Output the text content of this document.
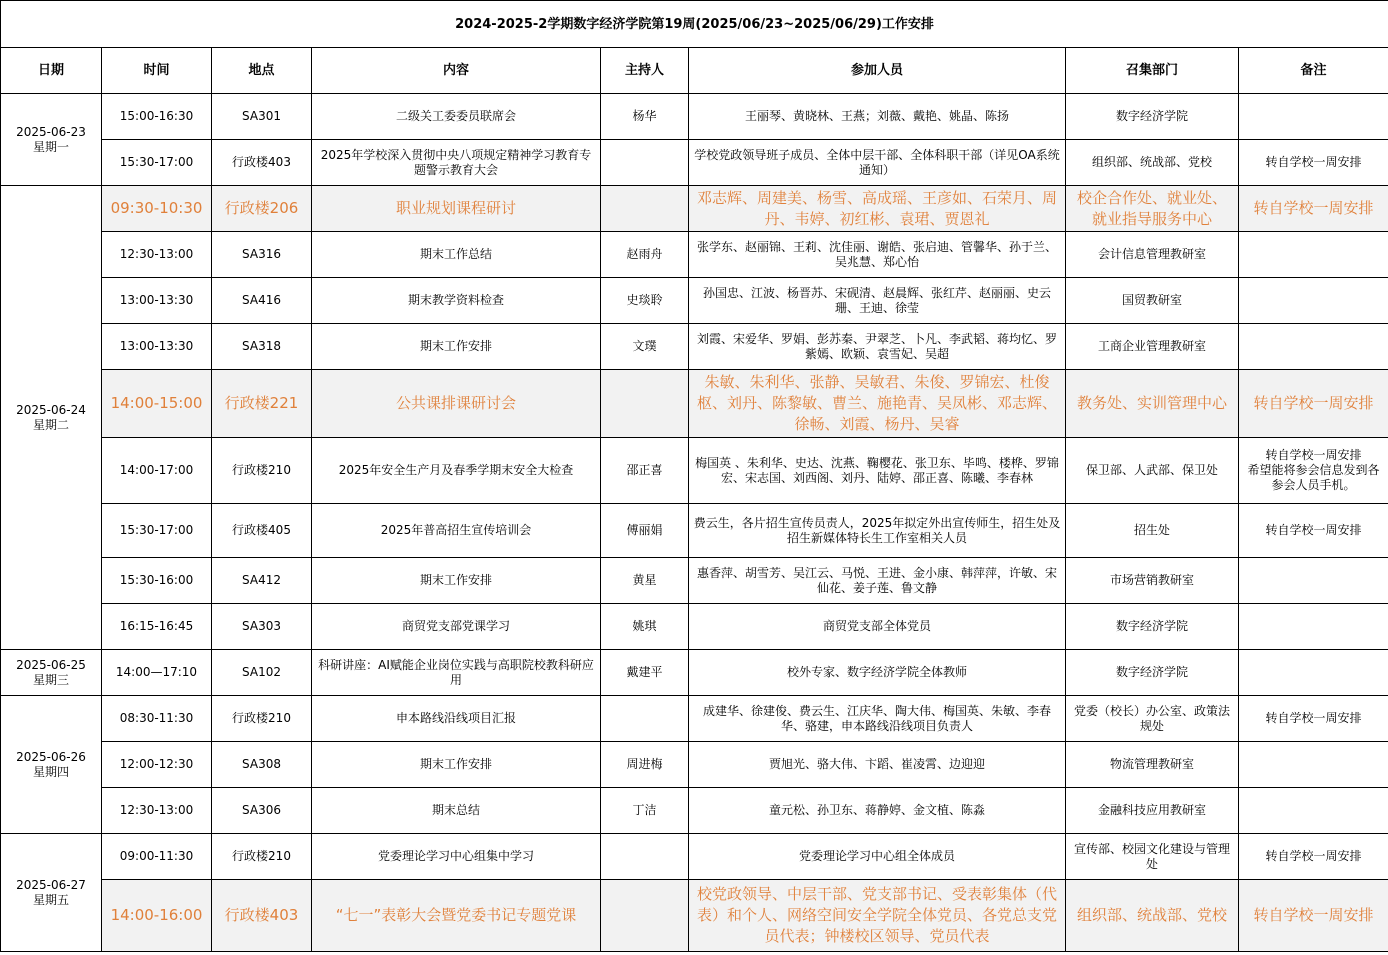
2024-2025-2学期数字经济学院第19周(2025/06/23~2025/06/29)工作安排							
日期	时间	地点	内容	主持人	参加人员	召集部门	备注
2025-06-23
星期一	15:00-16:30	SA301	二级关工委委员联席会	杨华	王丽琴、黄晓林、王燕；刘薇、戴艳、姚晶、陈扬	数字经济学院	
	15:30-17:00	行政楼403	2025年学校深入贯彻中央八项规定精神学习教育专题警示教育大会		学校党政领导班子成员、全体中层干部、全体科职干部（详见OA系统通知）	组织部、统战部、党校	转自学校一周安排
2025-06-24
星期二	09:30-10:30	行政楼206	职业规划课程研讨		邓志辉、周建美、杨雪、高成瑶、王彦如、石荣月、周丹、韦婷、初红彬、袁珺、贾恩礼	校企合作处、就业处、就业指导服务中心	转自学校一周安排
	12:30-13:00	SA316	期末工作总结	赵雨舟	张学东、赵丽锦、王莉、沈佳丽、谢皓、张启迪、管馨华、孙于兰、吴兆慧、郑心怡	会计信息管理教研室	
	13:00-13:30	SA416	期末教学资料检查	史琰聆	孙国忠、江波、杨晋苏、宋砚清、赵晨辉、张红芹、赵丽丽、史云珊、王迪、徐莹	国贸教研室	
	13:00-13:30	SA318	期末工作安排	文璞	刘霞、宋爱华、罗娟、彭苏秦、尹翠芝、卜凡、李武韬、蒋均忆、罗紫嫣、欧颖、袁雪妃、吴超	工商企业管理教研室	
	14:00-15:00	行政楼221	公共课排课研讨会		朱敏、朱利华、张静、吴敏君、朱俊、罗锦宏、杜俊枢、刘丹、陈黎敏、曹兰、施艳青、吴凤彬、邓志辉、徐畅、刘霞、杨丹、吴睿	教务处、实训管理中心	转自学校一周安排
	14:00-17:00	行政楼210	2025年安全生产月及春季学期末安全大检查	邵正喜	梅国英 、朱利华、史达、沈燕、鞠樱花、张卫东、毕鸣、楼桦、罗锦宏、宋志国、刘西阁、刘丹、陆婷、邵正喜、陈曦、李春林	保卫部、人武部、保卫处	转自学校一周安排
希望能将参会信息发到各参会人员手机。
	15:30-17:00	行政楼405	2025年普高招生宣传培训会	傅丽娟	费云生，各片招生宣传员责人，2025年拟定外出宣传师生，招生处及招生新媒体特长生工作室相关人员	招生处	转自学校一周安排
	15:30-16:00	SA412	期末工作安排	黄星	惠香萍、胡雪芳、吴江云、马悦、王进、金小康、韩萍萍，许敏、宋仙花、姜子莲、鲁文静	市场营销教研室	
	16:15-16:45	SA303	商贸党支部党课学习	姚琪	商贸党支部全体党员	数字经济学院	
2025-06-25
星期三	14:00—17:10	SA102	科研讲座：AI赋能企业岗位实践与高职院校教科研应用	戴建平	校外专家、数字经济学院全体教师	数字经济学院	
2025-06-26
星期四	08:30-11:30	行政楼210	申本路线沿线项目汇报		成建华、徐建俊、费云生、江庆华、陶大伟、梅国英、朱敏、李春华、骆建，申本路线沿线项目负责人	党委（校长）办公室、政策法规处	转自学校一周安排
	12:00-12:30	SA308	期末工作安排	周进梅	贾旭光、骆大伟、卞蹈、崔凌霄、边迎迎	物流管理教研室	
	12:30-13:00	SA306	期末总结	丁洁	童元松、孙卫东、蒋静婷、金文植、陈淼	金融科技应用教研室	
2025-06-27
星期五	09:00-11:30	行政楼210	党委理论学习中心组集中学习		党委理论学习中心组全体成员	宣传部、校园文化建设与管理处	转自学校一周安排
	14:00-16:00	行政楼403	“七一”表彰大会暨党委书记专题党课		校党政领导、中层干部、党支部书记、受表彰集体（代表）和个人、网络空间安全学院全体党员、各党总支党员代表；钟楼校区领导、党员代表	组织部、统战部、党校	转自学校一周安排
